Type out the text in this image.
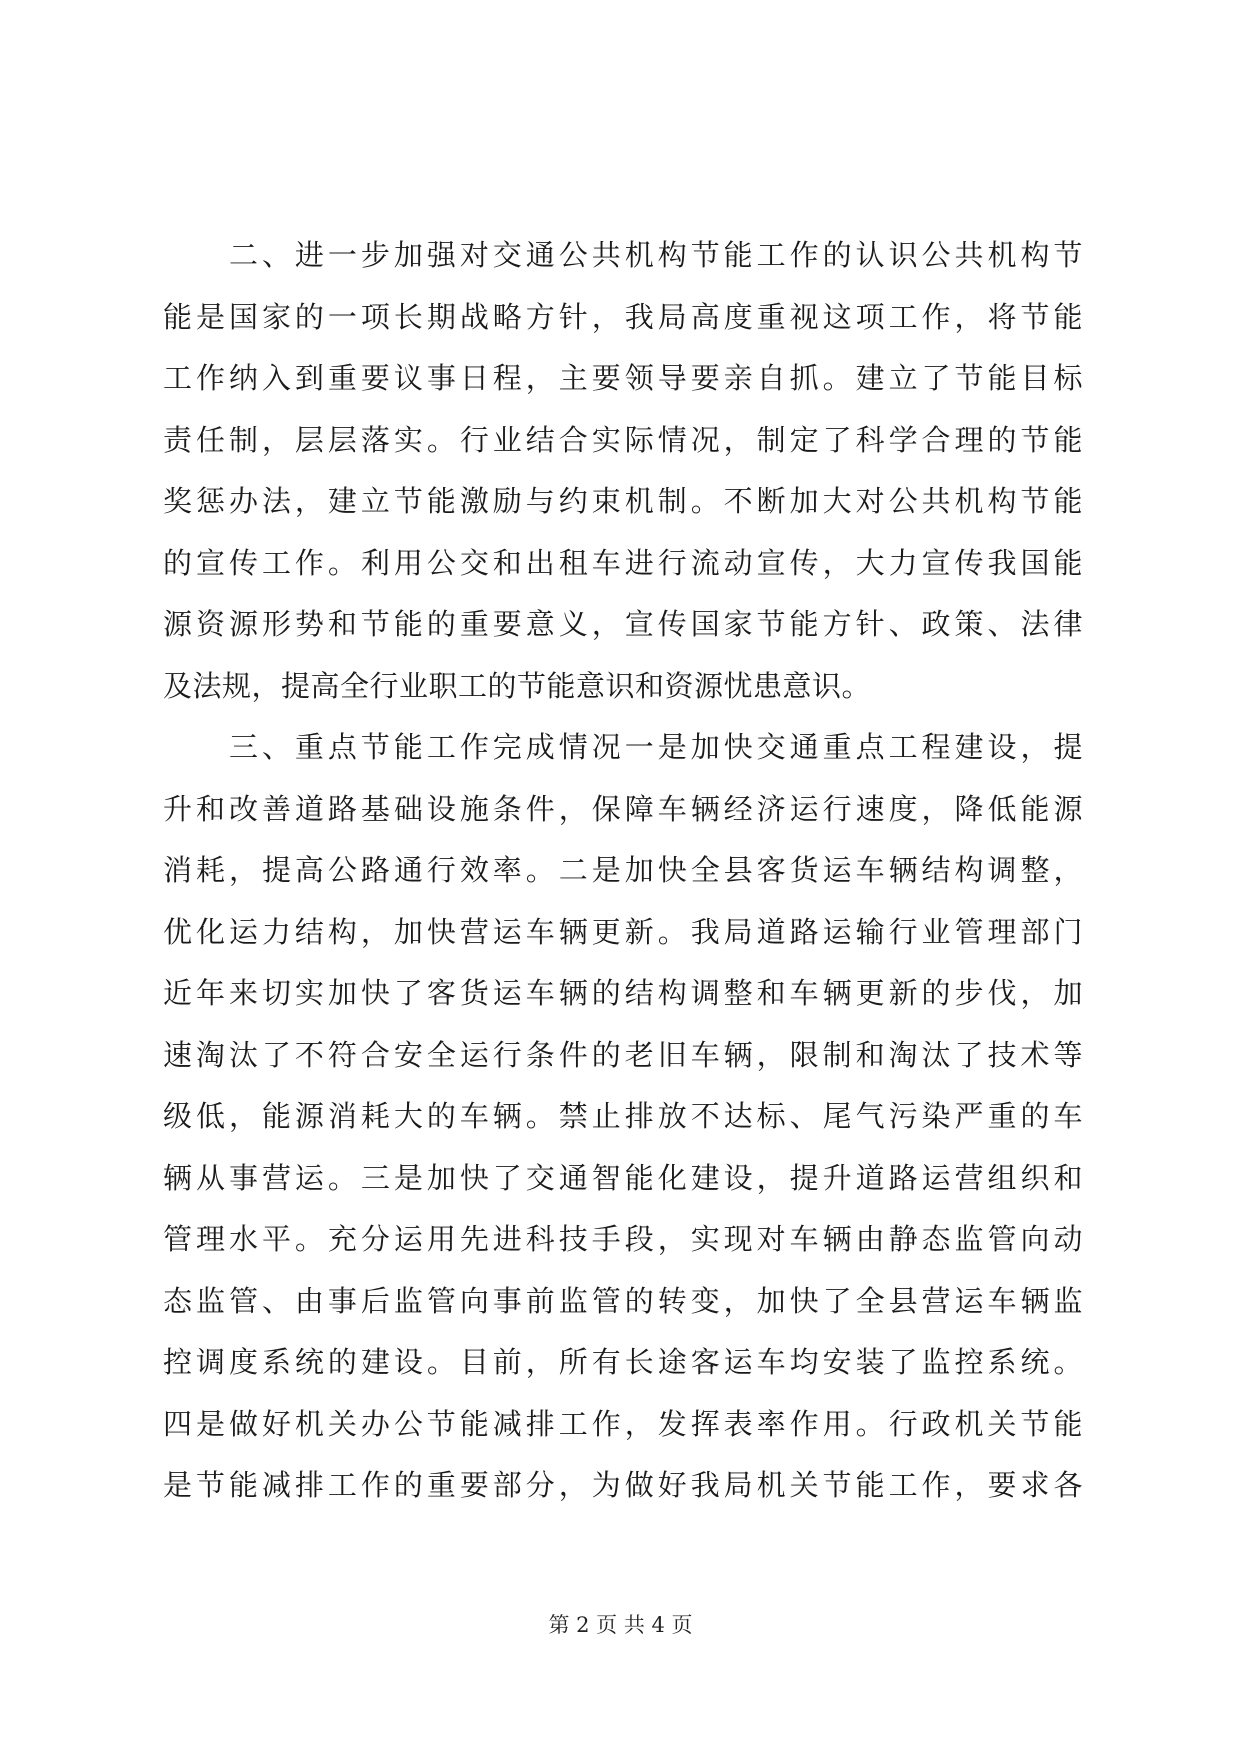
　　二、进一步加强对交通公共机构节能工作的认识公共机构节
能是国家的一项长期战略方针，我局高度重视这项工作，将节能
工作纳入到重要议事日程，主要领导要亲自抓。建立了节能目标
责任制，层层落实。行业结合实际情况，制定了科学合理的节能
奖惩办法，建立节能激励与约束机制。不断加大对公共机构节能
的宣传工作。利用公交和出租车进行流动宣传，大力宣传我国能
源资源形势和节能的重要意义，宣传国家节能方针、政策、法律
及法规，提高全行业职工的节能意识和资源忧患意识。
　　三、重点节能工作完成情况一是加快交通重点工程建设，提
升和改善道路基础设施条件，保障车辆经济运行速度，降低能源
消耗，提高公路通行效率。二是加快全县客货运车辆结构调整，
优化运力结构，加快营运车辆更新。我局道路运输行业管理部门
近年来切实加快了客货运车辆的结构调整和车辆更新的步伐，加
速淘汰了不符合安全运行条件的老旧车辆，限制和淘汰了技术等
级低，能源消耗大的车辆。禁止排放不达标、尾气污染严重的车
辆从事营运。三是加快了交通智能化建设，提升道路运营组织和
管理水平。充分运用先进科技手段，实现对车辆由静态监管向动
态监管、由事后监管向事前监管的转变，加快了全县营运车辆监
控调度系统的建设。目前，所有长途客运车均安装了监控系统。
四是做好机关办公节能减排工作，发挥表率作用。行政机关节能
是节能减排工作的重要部分，为做好我局机关节能工作，要求各
第 2 页 共 4 页
